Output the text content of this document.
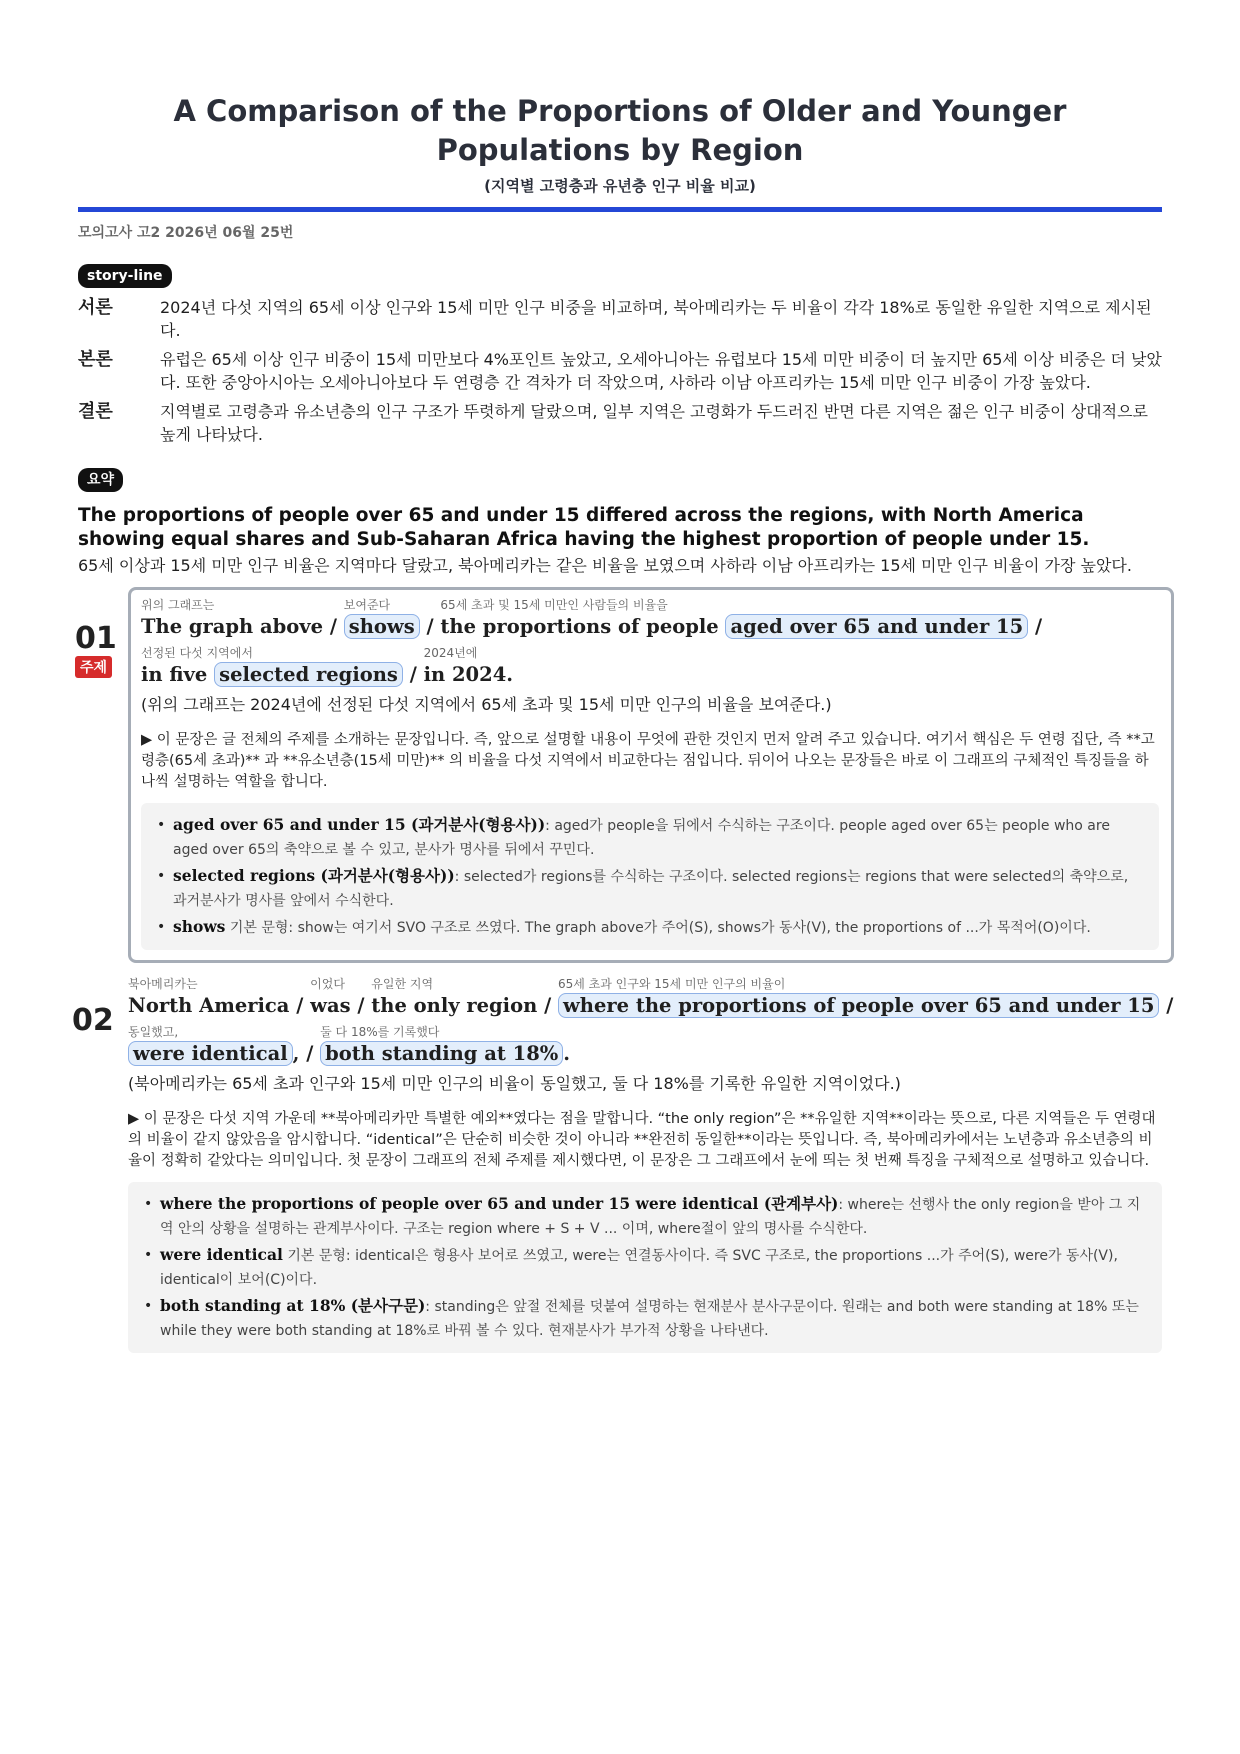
A Comparison of the Proportions of Older and Younger Populations by Region
(지역별 고령층과 유년층 인구 비율 비교)
모의고사 고2 2026년 06월 25번
story-line
서론	2024년 다섯 지역의 65세 이상 인구와 15세 미만 인구 비중을 비교하며, 북아메리카는 두 비율이 각각 18%로 동일한 유일한 지역으로 제시된다.
본론	유럽은 65세 이상 인구 비중이 15세 미만보다 4%포인트 높았고, 오세아니아는 유럽보다 15세 미만 비중이 더 높지만 65세 이상 비중은 더 낮았다. 또한 중앙아시아는 오세아니아보다 두 연령층 간 격차가 더 작았으며, 사하라 이남 아프리카는 15세 미만 인구 비중이 가장 높았다.
결론	지역별로 고령층과 유소년층의 인구 구조가 뚜렷하게 달랐으며, 일부 지역은 고령화가 두드러진 반면 다른 지역은 젊은 인구 비중이 상대적으로 높게 나타났다.
요약
The proportions of people over 65 and under 15 differed across the regions, with North America showing equal shares and Sub-Saharan Africa having the highest proportion of people under 15.
65세 이상과 15세 미만 인구 비율은 지역마다 달랐고, 북아메리카는 같은 비율을 보였으며 사하라 이남 아프리카는 15세 미만 인구 비율이 가장 높았다.
01
주제
위의 그래프는
The graph above /
보여준다
shows /
65세 초과 및 15세 미만인 사람들의 비율을
the proportions of people aged over 65 and under 15 /
선정된 다섯 지역에서
in five selected regions /
2024년에
in 2024.
(위의 그래프는 2024년에 선정된 다섯 지역에서 65세 초과 및 15세 미만 인구의 비율을 보여준다.)
▶ 이 문장은 글 전체의 주제를 소개하는 문장입니다. 즉, 앞으로 설명할 내용이 무엇에 관한 것인지 먼저 알려 주고 있습니다. 여기서 핵심은 두 연령 집단, 즉 **고령층(65세 초과)** 과 **유소년층(15세 미만)** 의 비율을 다섯 지역에서 비교한다는 점입니다. 뒤이어 나오는 문장들은 바로 이 그래프의 구체적인 특징들을 하나씩 설명하는 역할을 합니다.
• aged over 65 and under 15 (과거분사(형용사)): aged가 people을 뒤에서 수식하는 구조이다. people aged over 65는 people who are aged over 65의 축약으로 볼 수 있고, 분사가 명사를 뒤에서 꾸민다.
• selected regions (과거분사(형용사)): selected가 regions를 수식하는 구조이다. selected regions는 regions that were selected의 축약으로, 과거분사가 명사를 앞에서 수식한다.
• shows 기본 문형: show는 여기서 SVO 구조로 쓰였다. The graph above가 주어(S), shows가 동사(V), the proportions of ...가 목적어(O)이다.
02
북아메리카는
North America /
이었다
was /
유일한 지역
the only region /
65세 초과 인구와 15세 미만 인구의 비율이
where the proportions of people over 65 and under 15 /
동일했고,
were identical , /
둘 다 18%를 기록했다
both standing at 18% .
(북아메리카는 65세 초과 인구와 15세 미만 인구의 비율이 동일했고, 둘 다 18%를 기록한 유일한 지역이었다.)
▶ 이 문장은 다섯 지역 가운데 **북아메리카만 특별한 예외**였다는 점을 말합니다. “the only region”은 **유일한 지역**이라는 뜻으로, 다른 지역들은 두 연령대의 비율이 같지 않았음을 암시합니다. “identical”은 단순히 비슷한 것이 아니라 **완전히 동일한**이라는 뜻입니다. 즉, 북아메리카에서는 노년층과 유소년층의 비율이 정확히 같았다는 의미입니다. 첫 문장이 그래프의 전체 주제를 제시했다면, 이 문장은 그 그래프에서 눈에 띄는 첫 번째 특징을 구체적으로 설명하고 있습니다.
• where the proportions of people over 65 and under 15 were identical (관계부사): where는 선행사 the only region을 받아 그 지역 안의 상황을 설명하는 관계부사이다. 구조는 region where + S + V ... 이며, where절이 앞의 명사를 수식한다.
• were identical 기본 문형: identical은 형용사 보어로 쓰였고, were는 연결동사이다. 즉 SVC 구조로, the proportions ...가 주어(S), were가 동사(V), identical이 보어(C)이다.
• both standing at 18% (분사구문): standing은 앞절 전체를 덧붙여 설명하는 현재분사 분사구문이다. 원래는 and both were standing at 18% 또는 while they were both standing at 18%로 바꿔 볼 수 있다. 현재분사가 부가적 상황을 나타낸다.
